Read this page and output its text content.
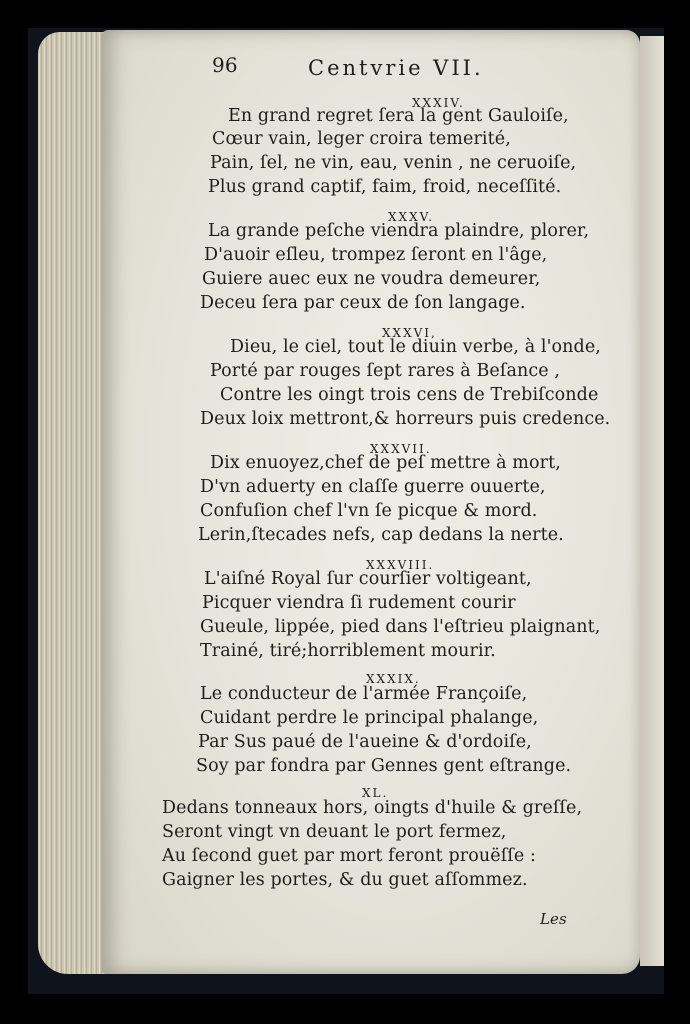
96	Centvrie VII.
XXXIV.
En grand regret ſera la gent Gauloiſe,
Cœur vain, leger croira temerité,
Pain, ſel, ne vin, eau, venin , ne ceruoiſe,
Plus grand captif, faim, froid, neceſſité.
XXXV.
La grande peſche viendra plaindre, plorer,
D'auoir eſleu, trompez ſeront en l'âge,
Guiere auec eux ne voudra demeurer,
Deceu ſera par ceux de ſon langage.
XXXVI,
Dieu, le ciel, tout le diuin verbe, à l'onde,
Porté par rouges ſept rares à Beſance ,
Contre les oingt trois cens de Trebiſconde
Deux loix mettront,& horreurs puis credence.
XXXVII.
Dix enuoyez,chef de peſ mettre à mort,
D'vn aduerty en claſſe guerre ouuerte,
Confuſion chef l'vn ſe picque & mord.
Lerin,ſtecades nefs, cap dedans la nerte.
XXXVIII.
L'aiſné Royal ſur courſier voltigeant,
Picquer viendra ſi rudement courir
Gueule, lippée, pied dans l'eſtrieu plaignant,
Trainé, tiré;horriblement mourir.
XXXIX.
Le conducteur de l'armée Françoiſe,
Cuidant perdre le principal phalange,
Par Sus paué de l'aueine & d'ordoiſe,
Soy par fondra par Gennes gent eſtrange.
XL.
Dedans tonneaux hors, oingts d'huile & greſſe,
Seront vingt vn deuant le port fermez,
Au ſecond guet par mort feront prouëſſe :
Gaigner les portes, & du guet aſſommez.
Les
